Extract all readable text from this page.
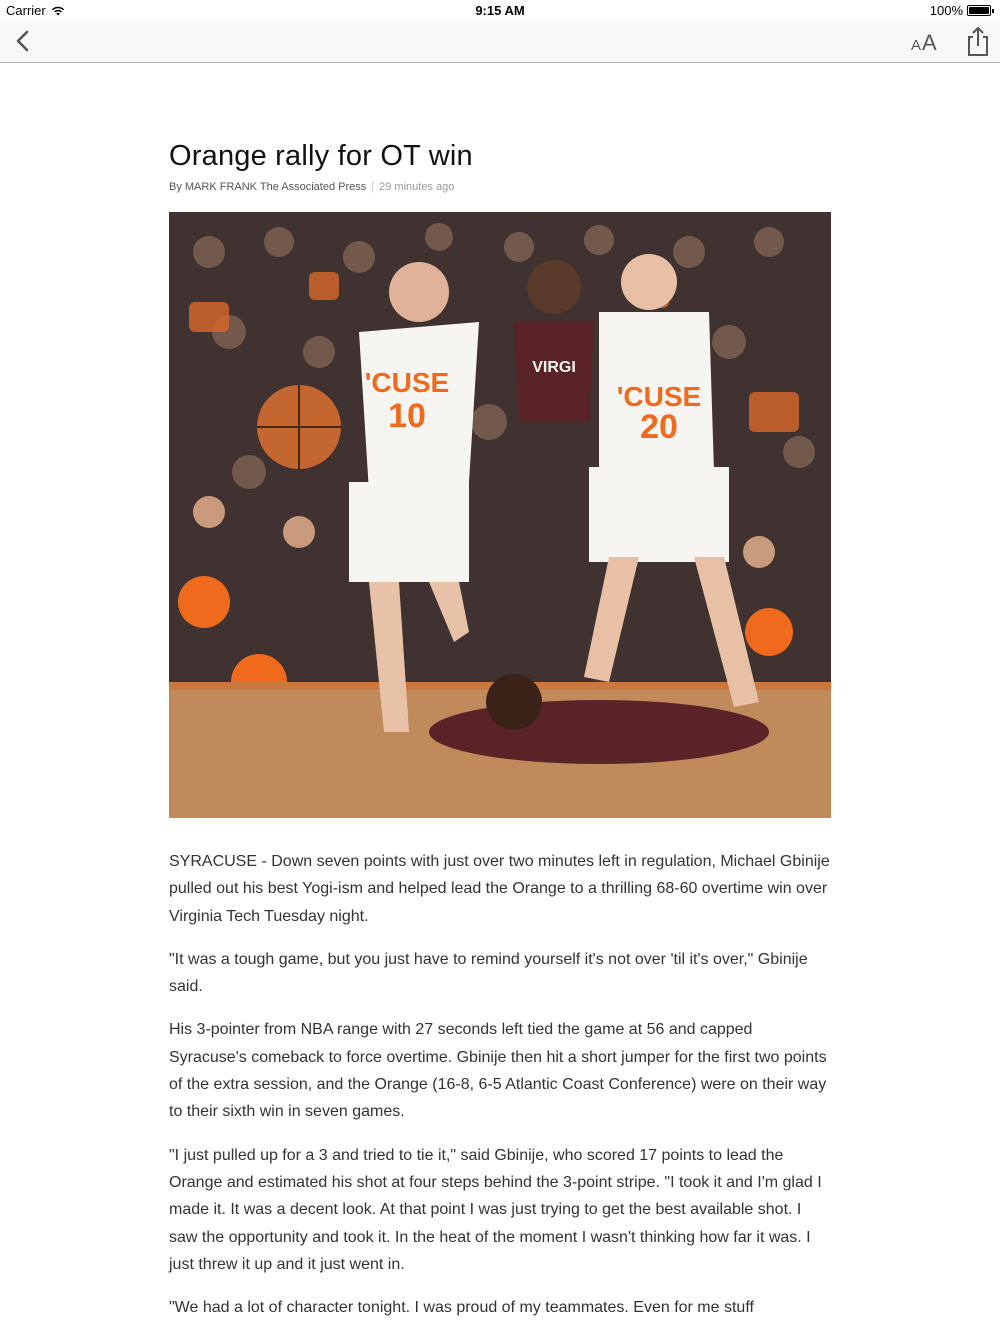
Carrier	9:15 AM	100%
A A
Orange rally for OT win
By MARK FRANK The Associated Press | 29 minutes ago
'CUSE
10
'CUSE
20
VIRGI

SYRACUSE - Down seven points with just over two minutes left in regulation, Michael Gbinije pulled out his best Yogi-ism and helped lead the Orange to a thrilling 68-60 overtime win over Virginia Tech Tuesday night.

"It was a tough game, but you just have to remind yourself it's not over 'til it's over," Gbinije said.

His 3-pointer from NBA range with 27 seconds left tied the game at 56 and capped Syracuse's comeback to force overtime. Gbinije then hit a short jumper for the first two points of the extra session, and the Orange (16-8, 6-5 Atlantic Coast Conference) were on their way to their sixth win in seven games.

"I just pulled up for a 3 and tried to tie it," said Gbinije, who scored 17 points to lead the Orange and estimated his shot at four steps behind the 3-point stripe. "I took it and I'm glad I made it. It was a decent look. At that point I was just trying to get the best available shot. I saw the opportunity and took it. In the heat of the moment I wasn't thinking how far it was. I just threw it up and it just went in.

"We had a lot of character tonight. I was proud of my teammates. Even for me stuff
